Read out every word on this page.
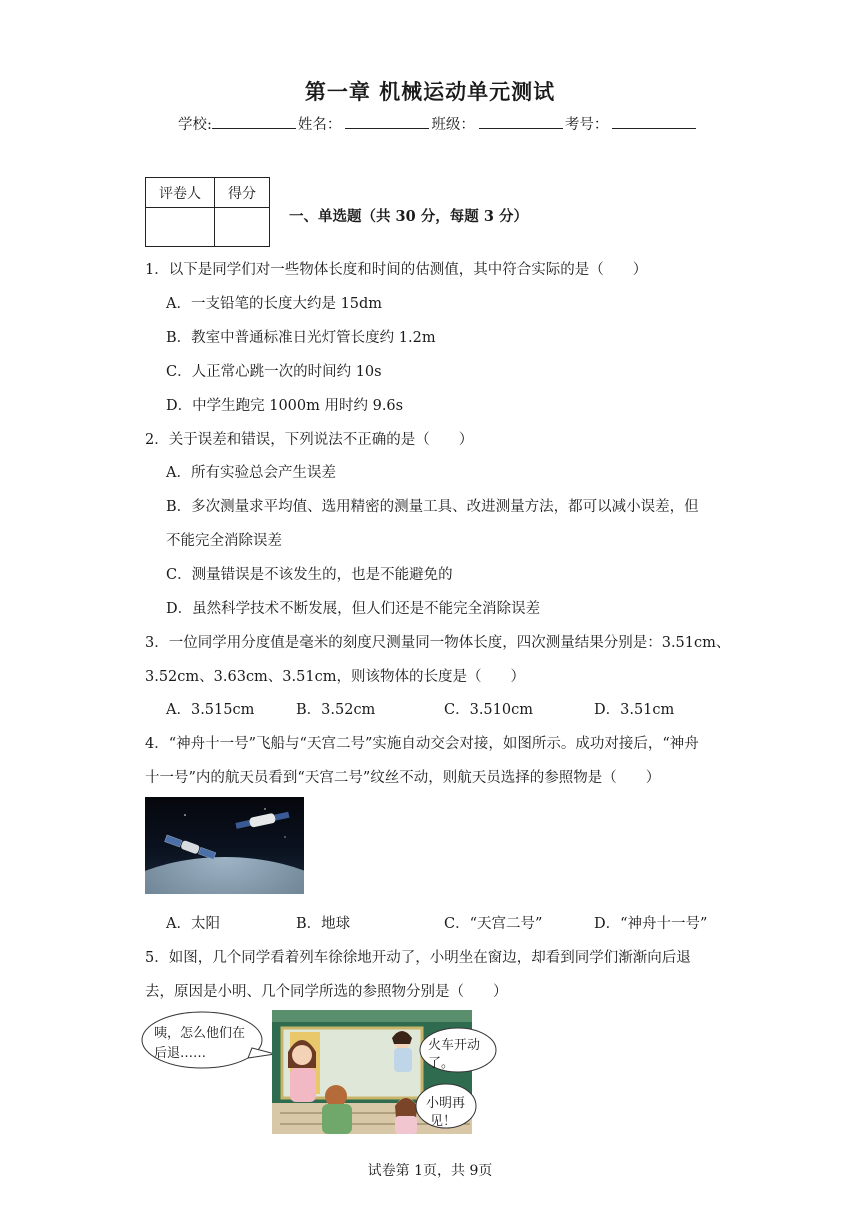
第一章 机械运动单元测试
学校:	姓名：	班级：	考号：
评卷人	得分

一、单选题（共 30 分，每题 3 分）
1．以下是同学们对一些物体长度和时间的估测值，其中符合实际的是（　　）
A．一支铅笔的长度大约是 15dm
B．教室中普通标准日光灯管长度约 1.2m
C．人正常心跳一次的时间约 10s
D．中学生跑完 1000m 用时约 9.6s
2．关于误差和错误，下列说法不正确的是（　　）
A．所有实验总会产生误差
B．多次测量求平均值、选用精密的测量工具、改进测量方法，都可以减小误差，但
不能完全消除误差
C．测量错误是不该发生的，也是不能避免的
D．虽然科学技术不断发展，但人们还是不能完全消除误差
3．一位同学用分度值是毫米的刻度尺测量同一物体长度，四次测量结果分别是：3.51cm、
3.52cm、3.63cm、3.51cm，则该物体的长度是（　　）
A．3.515cm	B．3.52cm	C．3.510cm	D．3.51cm
4．“神舟十一号”飞船与“天宫二号”实施自动交会对接，如图所示。成功对接后，“神舟
十一号”内的航天员看到“天宫二号”纹丝不动，则航天员选择的参照物是（　　）
A．太阳	B．地球	C．“天宫二号”	D．“神舟十一号”
5．如图，几个同学看着列车徐徐地开动了，小明坐在窗边，却看到同学们渐渐向后退
去，原因是小明、几个同学所选的参照物分别是（　　）
咦，怎么他们在
后退……
火车开动
了。
小明再
见！
试卷第 1页，共 9页
